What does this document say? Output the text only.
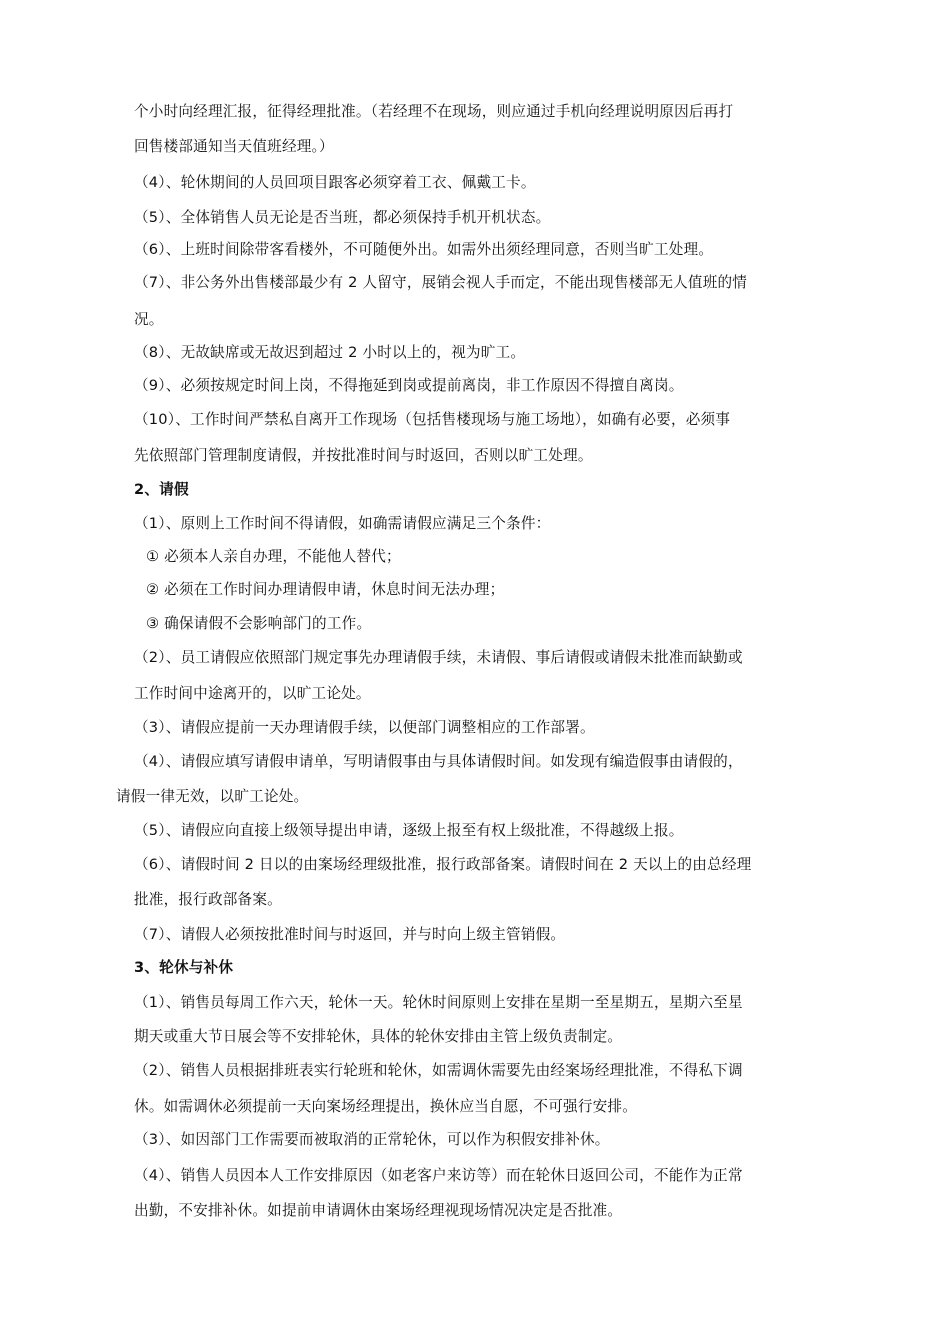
个小时向经理汇报，征得经理批准。（若经理不在现场，则应通过手机向经理说明原因后再打
回售楼部通知当天值班经理。）
（4）、轮休期间的人员回项目跟客必须穿着工衣、佩戴工卡。
（5）、全体销售人员无论是否当班，都必须保持手机开机状态。
（6）、上班时间除带客看楼外，不可随便外出。如需外出须经理同意，否则当旷工处理。
（7）、非公务外出售楼部最少有 2 人留守，展销会视人手而定，不能出现售楼部无人值班的情
况。
（8）、无故缺席或无故迟到超过 2 小时以上的，视为旷工。
（9）、必须按规定时间上岗，不得拖延到岗或提前离岗，非工作原因不得擅自离岗。
（10）、工作时间严禁私自离开工作现场（包括售楼现场与施工场地），如确有必要，必须事
先依照部门管理制度请假，并按批准时间与时返回，否则以旷工处理。
2、请假
（1）、原则上工作时间不得请假，如确需请假应满足三个条件：
① 必须本人亲自办理，不能他人替代；
② 必须在工作时间办理请假申请，休息时间无法办理；
③ 确保请假不会影响部门的工作。
（2）、员工请假应依照部门规定事先办理请假手续，未请假、事后请假或请假未批准而缺勤或
工作时间中途离开的，以旷工论处。
（3）、请假应提前一天办理请假手续，以便部门调整相应的工作部署。
（4）、请假应填写请假申请单，写明请假事由与具体请假时间。如发现有编造假事由请假的，
请假一律无效，以旷工论处。
（5）、请假应向直接上级领导提出申请，逐级上报至有权上级批准，不得越级上报。
（6）、请假时间 2 日以的由案场经理级批准，报行政部备案。请假时间在 2 天以上的由总经理
批准，报行政部备案。
（7）、请假人必须按批准时间与时返回，并与时向上级主管销假。
3、轮休与补休
（1）、销售员每周工作六天，轮休一天。轮休时间原则上安排在星期一至星期五，星期六至星
期天或重大节日展会等不安排轮休，具体的轮休安排由主管上级负责制定。
（2）、销售人员根据排班表实行轮班和轮休，如需调休需要先由经案场经理批准，不得私下调
休。如需调休必须提前一天向案场经理提出，换休应当自愿，不可强行安排。
（3）、如因部门工作需要而被取消的正常轮休，可以作为积假安排补休。
（4）、销售人员因本人工作安排原因（如老客户来访等）而在轮休日返回公司，不能作为正常
出勤，不安排补休。如提前申请调休由案场经理视现场情况决定是否批准。
